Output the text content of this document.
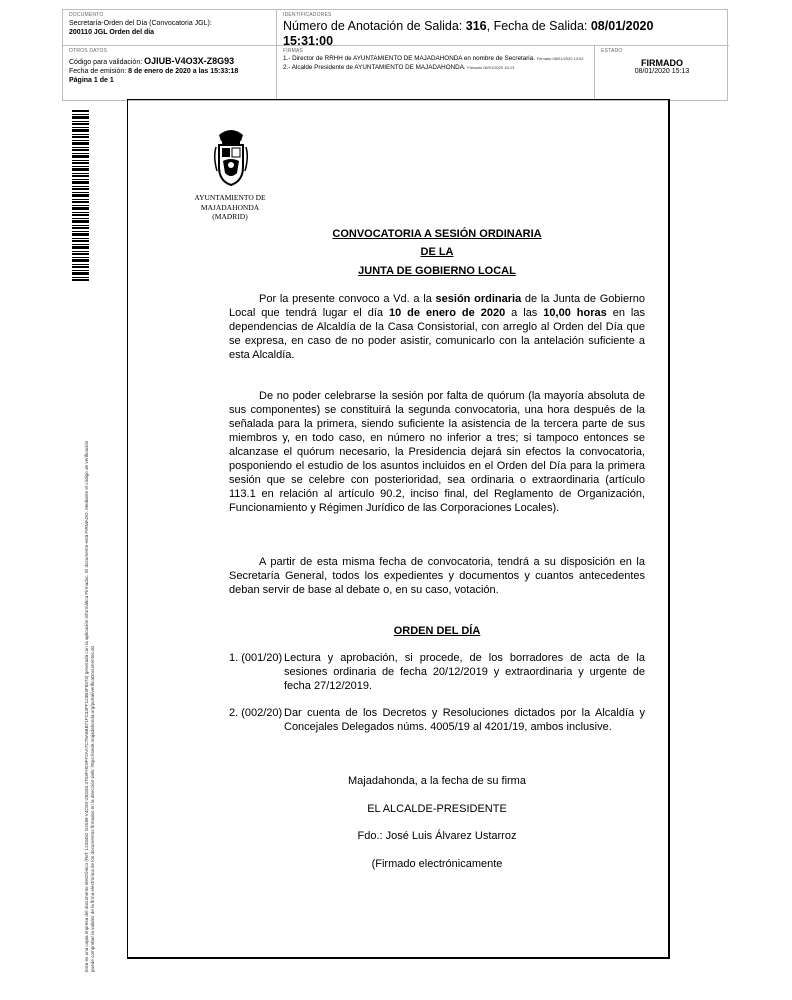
DOCUMENTO
Secretaría-Orden del Día (Convocatoria JGL):
200110 JGL Orden del día
IDENTIFICADORES
Número de Anotación de Salida: 316, Fecha de Salida: 08/01/2020
15:31:00
OTROS DATOS
Código para validación: OJIUB-V4O3X-Z8G93
Fecha de emisión: 8 de enero de 2020 a las 15:33:18
Página 1 de 1
FIRMAS
1.- Director de RRHH de AYUNTAMIENTO DE MAJADAHONDA en nombre de Secretaria. Firmado 08/01/2020 13:52
2.- Alcalde Presidente de AYUNTAMIENTO DE MAJADAHONDA. Firmado 08/01/2020 15:13
ESTADO
FIRMADO
08/01/2020 15:13
Esta es una copia impresa del documento electrónico (Ref: 1243452 OJIUB-V4O3X-Z8G93 4703FHC9FF2AA7C75A6BB71FC34FF123B4F8373) generada con la aplicación informática Firmadoc. El documento está FIRMADO. Mediante el código de verificación puede comprobar la validez de la firma electrónica de los documentos firmados en la dirección web: https://sede.majadahonda.org/portal/verificaDocumentos.do
AYUNTAMIENTO DE
MAJADAHONDA
(MADRID)
CONVOCATORIA A SESIÓN ORDINARIA
DE LA
JUNTA DE GOBIERNO LOCAL
Por la presente convoco a Vd. a la sesión ordinaria de la Junta de Gobierno Local que tendrá lugar el día 10 de enero de 2020 a las 10,00 horas en las dependencias de Alcaldía de la Casa Consistorial, con arreglo al Orden del Día que se expresa, en caso de no poder asistir, comunicarlo con la antelación suficiente a esta Alcaldía.
De no poder celebrarse la sesión por falta de quórum (la mayoría absoluta de sus componentes) se constituirá la segunda convocatoria, una hora después de la señalada para la primera, siendo suficiente la asistencia de la tercera parte de sus miembros y, en todo caso, en número no inferior a tres; si tampoco entonces se alcanzase el quórum necesario, la Presidencia dejará sin efectos la convocatoria, posponiendo el estudio de los asuntos incluidos en el Orden del Día para la primera sesión que se celebre con posterioridad, sea ordinaria o extraordinaria (artículo 113.1 en relación al artículo 90.2, inciso final, del Reglamento de Organización, Funcionamiento y Régimen Jurídico de las Corporaciones Locales).
A partir de esta misma fecha de convocatoria, tendrá a su disposición en la Secretaría General, todos los expedientes y documentos y cuantos antecedentes deban servir de base al debate o, en su caso, votación.
ORDEN DEL DÍA
1. (001/20) Lectura y aprobación, si procede, de los borradores de acta de la sesiones ordinaria de fecha 20/12/2019 y extraordinaria y urgente de fecha 27/12/2019.
2. (002/20) Dar cuenta de los Decretos y Resoluciones dictados por la Alcaldía y Concejales Delegados núms. 4005/19 al 4201/19, ambos inclusive.
Majadahonda, a la fecha de su firma
EL ALCALDE-PRESIDENTE
Fdo.: José Luis Álvarez Ustarroz
(Firmado electrónicamente
